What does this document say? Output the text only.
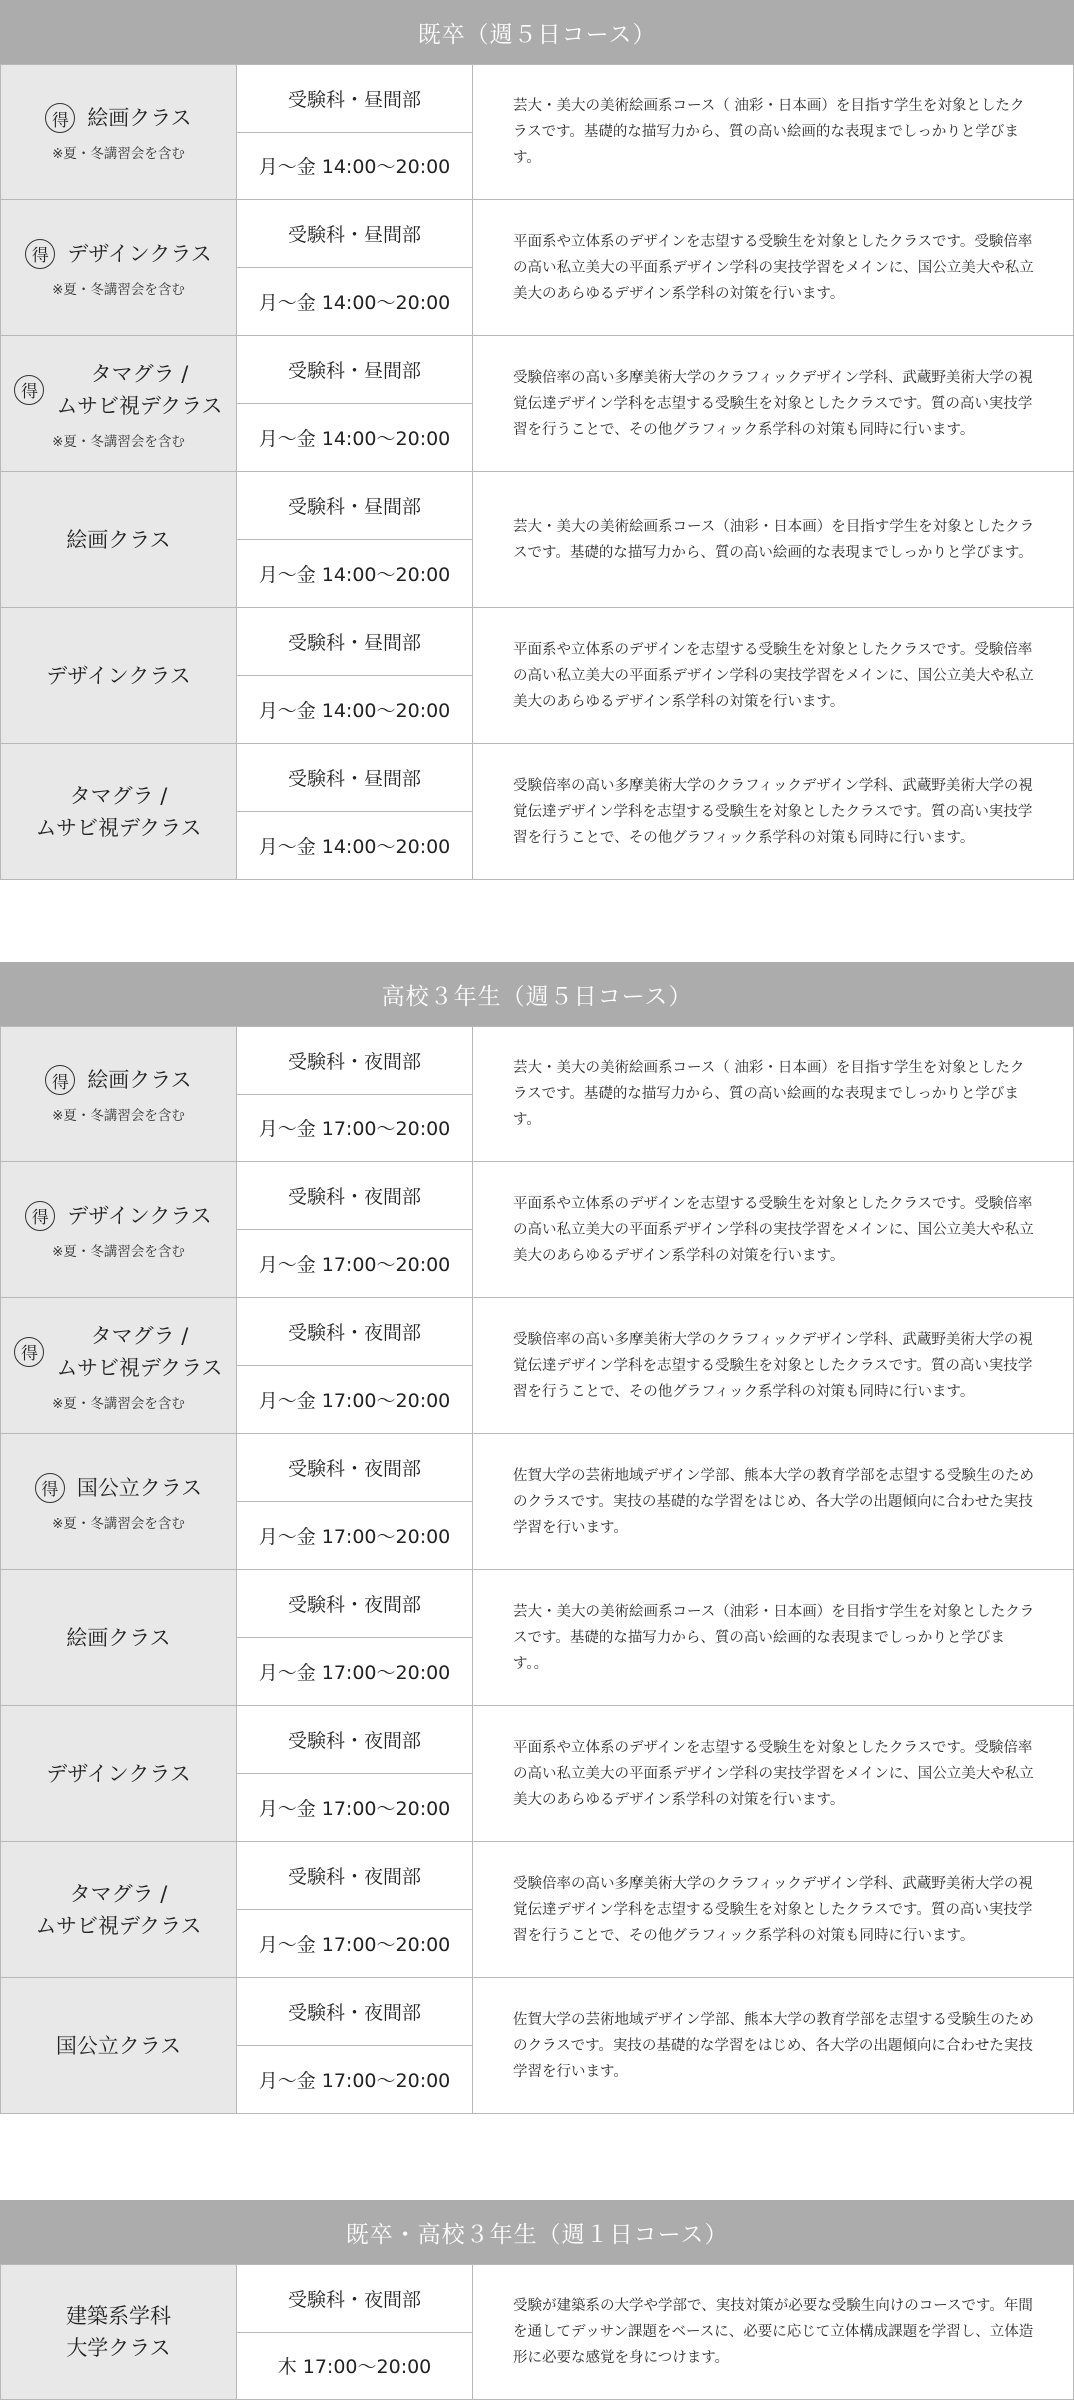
既卒（週５日コース）
得 絵画クラス
※夏・冬講習会を含む
受験科・昼間部
月〜金 14:00〜20:00
芸大・美大の美術絵画系コース（ 油彩・日本画）を目指す学生を対象としたクラスです。基礎的な描写力から、質の高い絵画的な表現までしっかりと学びます。
得 デザインクラス
※夏・冬講習会を含む
受験科・昼間部
月〜金 14:00〜20:00
平面系や立体系のデザインを志望する受験生を対象としたクラスです。受験倍率の高い私立美大の平面系デザイン学科の実技学習をメインに、国公立美大や私立美大のあらゆるデザイン系学科の対策を行います。
得
タマグラ /
ムサビ視デクラス
※夏・冬講習会を含む
受験科・昼間部
月〜金 14:00〜20:00
受験倍率の高い多摩美術大学のクラフィックデザイン学科、武蔵野美術大学の視覚伝達デザイン学科を志望する受験生を対象としたクラスです。質の高い実技学習を行うことで、その他グラフィック系学科の対策も同時に行います。
絵画クラス
受験科・昼間部
月〜金 14:00〜20:00
芸大・美大の美術絵画系コース（油彩・日本画）を目指す学生を対象としたクラスです。基礎的な描写力から、質の高い絵画的な表現までしっかりと学びます。
デザインクラス
受験科・昼間部
月〜金 14:00〜20:00
平面系や立体系のデザインを志望する受験生を対象としたクラスです。受験倍率の高い私立美大の平面系デザイン学科の実技学習をメインに、国公立美大や私立美大のあらゆるデザイン系学科の対策を行います。
タマグラ /
ムサビ視デクラス
受験科・昼間部
月〜金 14:00〜20:00
受験倍率の高い多摩美術大学のクラフィックデザイン学科、武蔵野美術大学の視覚伝達デザイン学科を志望する受験生を対象としたクラスです。質の高い実技学習を行うことで、その他グラフィック系学科の対策も同時に行います。
高校３年生（週５日コース）
得 絵画クラス
※夏・冬講習会を含む
受験科・夜間部
月〜金 17:00〜20:00
芸大・美大の美術絵画系コース（ 油彩・日本画）を目指す学生を対象としたクラスです。基礎的な描写力から、質の高い絵画的な表現までしっかりと学びます。
得 デザインクラス
※夏・冬講習会を含む
受験科・夜間部
月〜金 17:00〜20:00
平面系や立体系のデザインを志望する受験生を対象としたクラスです。受験倍率の高い私立美大の平面系デザイン学科の実技学習をメインに、国公立美大や私立美大のあらゆるデザイン系学科の対策を行います。
得
タマグラ /
ムサビ視デクラス
※夏・冬講習会を含む
受験科・夜間部
月〜金 17:00〜20:00
受験倍率の高い多摩美術大学のクラフィックデザイン学科、武蔵野美術大学の視覚伝達デザイン学科を志望する受験生を対象としたクラスです。質の高い実技学習を行うことで、その他グラフィック系学科の対策も同時に行います。
得 国公立クラス
※夏・冬講習会を含む
受験科・夜間部
月〜金 17:00〜20:00
佐賀大学の芸術地域デザイン学部、熊本大学の教育学部を志望する受験生のためのクラスです。実技の基礎的な学習をはじめ、各大学の出題傾向に合わせた実技学習を行います。
絵画クラス
受験科・夜間部
月〜金 17:00〜20:00
芸大・美大の美術絵画系コース（油彩・日本画）を目指す学生を対象としたクラスです。基礎的な描写力から、質の高い絵画的な表現までしっかりと学びます。。
デザインクラス
受験科・夜間部
月〜金 17:00〜20:00
平面系や立体系のデザインを志望する受験生を対象としたクラスです。受験倍率の高い私立美大の平面系デザイン学科の実技学習をメインに、国公立美大や私立美大のあらゆるデザイン系学科の対策を行います。
タマグラ /
ムサビ視デクラス
受験科・夜間部
月〜金 17:00〜20:00
受験倍率の高い多摩美術大学のクラフィックデザイン学科、武蔵野美術大学の視覚伝達デザイン学科を志望する受験生を対象としたクラスです。質の高い実技学習を行うことで、その他グラフィック系学科の対策も同時に行います。
国公立クラス
受験科・夜間部
月〜金 17:00〜20:00
佐賀大学の芸術地域デザイン学部、熊本大学の教育学部を志望する受験生のためのクラスです。実技の基礎的な学習をはじめ、各大学の出題傾向に合わせた実技学習を行います。
既卒・高校３年生（週１日コース）
建築系学科
大学クラス
受験科・夜間部
木 17:00〜20:00
受験が建築系の大学や学部で、実技対策が必要な受験生向けのコースです。年間を通してデッサン課題をベースに、必要に応じて立体構成課題を学習し、立体造形に必要な感覚を身につけます。
